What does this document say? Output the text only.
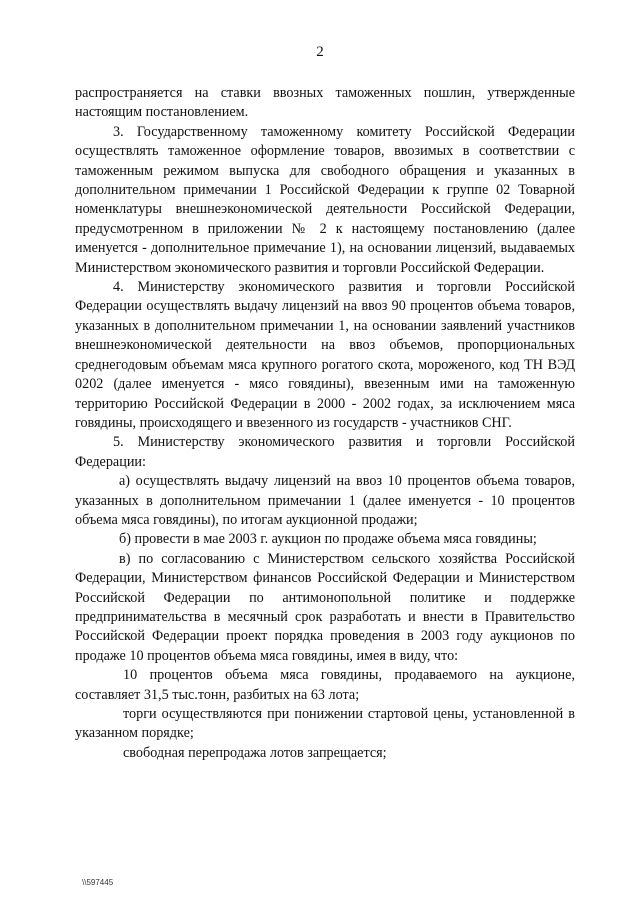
2

распространяется на ставки ввозных таможенных пошлин, утвержденные настоящим постановлением.

3. Государственному таможенному комитету Российской Федерации осуществлять таможенное оформление товаров, ввозимых в соответствии с таможенным режимом выпуска для свободного обращения и указанных в дополнительном примечании 1 Российской Федерации к группе 02 Товарной номенклатуры внешнеэкономической деятельности Российской Федерации, предусмотренном в приложении № 2 к настоящему постановлению (далее именуется - дополнительное примечание 1), на основании лицензий, выдаваемых Министерством экономического развития и торговли Российской Федерации.

4. Министерству экономического развития и торговли Российской Федерации осуществлять выдачу лицензий на ввоз 90 процентов объема товаров, указанных в дополнительном примечании 1, на основании заявлений участников внешнеэкономической деятельности на ввоз объемов, пропорциональных среднегодовым объемам мяса крупного рогатого скота, мороженого, код ТН ВЭД 0202 (далее именуется - мясо говядины), ввезенным ими на таможенную территорию Российской Федерации в 2000 - 2002 годах, за исключением мяса говядины, происходящего и ввезенного из государств - участников СНГ.

5. Министерству экономического развития и торговли Российской Федерации:

а) осуществлять выдачу лицензий на ввоз 10 процентов объема товаров, указанных в дополнительном примечании 1 (далее именуется - 10 процентов объема мяса говядины), по итогам аукционной продажи;

б) провести в мае 2003 г. аукцион по продаже объема мяса говядины;

в) по согласованию с Министерством сельского хозяйства Российской Федерации, Министерством финансов Российской Федерации и Министерством Российской Федерации по антимонопольной политике и поддержке предпринимательства в месячный срок разработать и внести в Правительство Российской Федерации проект порядка проведения в 2003 году аукционов по продаже 10 процентов объема мяса говядины, имея в виду, что:

10 процентов объема мяса говядины, продаваемого на аукционе, составляет 31,5 тыс.тонн, разбитых на 63 лота;

торги осуществляются при понижении стартовой цены, установленной в указанном порядке;

свободная перепродажа лотов запрещается;

\\597445
